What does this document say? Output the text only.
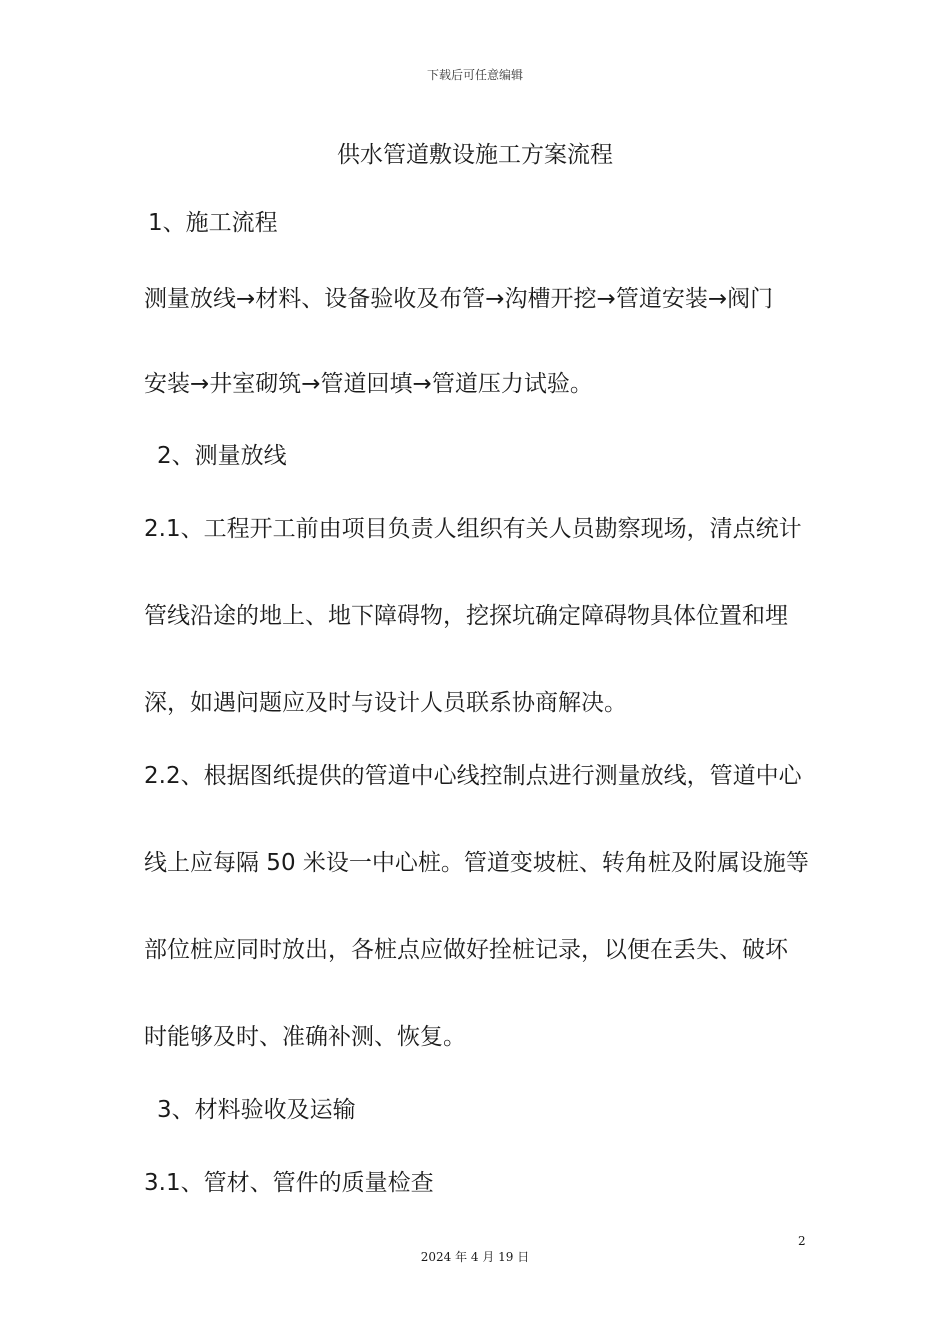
下载后可任意编辑
供水管道敷设施工方案流程
1、施工流程
测量放线→材料、设备验收及布管→沟槽开挖→管道安装→阀门
安装→井室砌筑→管道回填→管道压力试验。
2、测量放线
2.1、工程开工前由项目负责人组织有关人员勘察现场，清点统计
管线沿途的地上、地下障碍物，挖探坑确定障碍物具体位置和埋
深，如遇问题应及时与设计人员联系协商解决。
2.2、根据图纸提供的管道中心线控制点进行测量放线，管道中心
线上应每隔 50 米设一中心桩。管道变坡桩、转角桩及附属设施等
部位桩应同时放出，各桩点应做好拴桩记录，以便在丢失、破坏
时能够及时、准确补测、恢复。
3、材料验收及运输
3.1、管材、管件的质量检查
2
2024 年 4 月 19 日
